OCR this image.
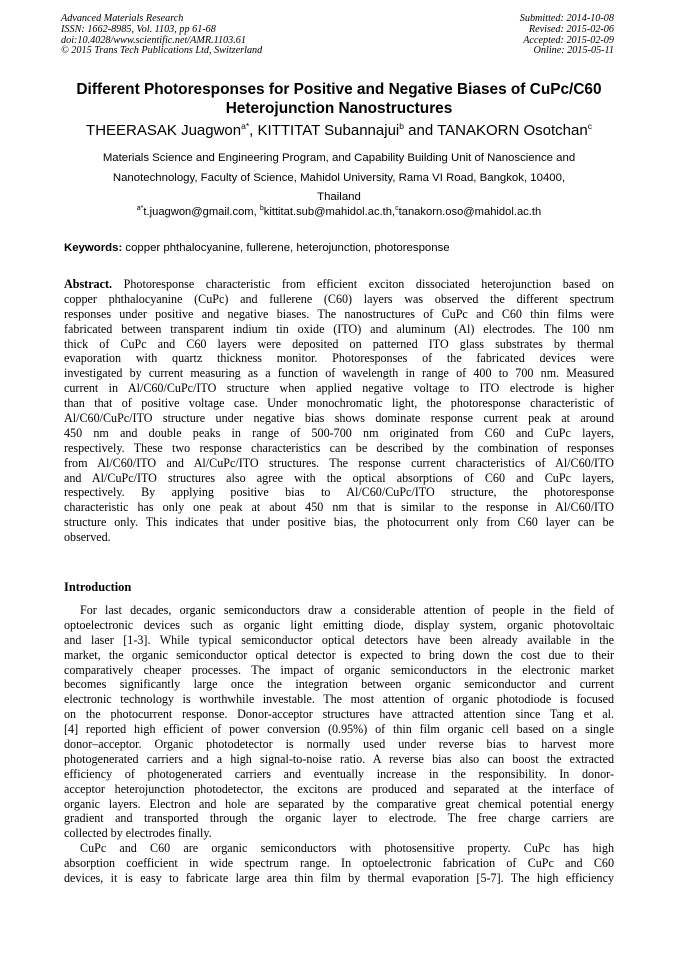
Advanced Materials Research
ISSN: 1662-8985, Vol. 1103, pp 61-68
doi:10.4028/www.scientific.net/AMR.1103.61
© 2015 Trans Tech Publications Ltd, Switzerland
Submitted: 2014-10-08
Revised: 2015-02-06
Accepted: 2015-02-09
Online: 2015-05-11
Different Photoresponses for Positive and Negative Biases of CuPc/C60
Heterojunction Nanostructures
THEERASAK Juagwon$^{a*}$, KITTITAT Subannajui$^b$ and TANAKORN Osotchan$^c$
Materials Science and Engineering Program, and Capability Building Unit of Nanoscience and
Nanotechnology, Faculty of Science, Mahidol University, Rama VI Road, Bangkok, 10400,
Thailand
$^{a*}$t.juagwon@gmail.com, $^b$kittitat.sub@mahidol.ac.th,$^c$tanakorn.oso@mahidol.ac.th
Keywords: copper phthalocyanine, fullerene, heterojunction, photoresponse
Abstract. Photoresponse characteristic from efficient exciton dissociated heterojunction based on
copper phthalocyanine (CuPc) and fullerene (C60) layers was observed the different spectrum
responses under positive and negative biases. The nanostructures of CuPc and C60 thin films were
fabricated between transparent indium tin oxide (ITO) and aluminum (Al) electrodes. The 100 nm
thick of CuPc and C60 layers were deposited on patterned ITO glass substrates by thermal
evaporation with quartz thickness monitor. Photoresponses of the fabricated devices were
investigated by current measuring as a function of wavelength in range of 400 to 700 nm. Measured
current in Al/C60/CuPc/ITO structure when applied negative voltage to ITO electrode is higher
than that of positive voltage case. Under monochromatic light, the photoresponse characteristic of
Al/C60/CuPc/ITO structure under negative bias shows dominate response current peak at around
450 nm and double peaks in range of 500-700 nm originated from C60 and CuPc layers,
respectively. These two response characteristics can be described by the combination of responses
from Al/C60/ITO and Al/CuPc/ITO structures. The response current characteristics of Al/C60/ITO
and Al/CuPc/ITO structures also agree with the optical absorptions of C60 and CuPc layers,
respectively. By applying positive bias to Al/C60/CuPc/ITO structure, the photoresponse
characteristic has only one peak at about 450 nm that is similar to the response in Al/C60/ITO
structure only. This indicates that under positive bias, the photocurrent only from C60 layer can be
observed.
Introduction
For last decades, organic semiconductors draw a considerable attention of people in the field of
optoelectronic devices such as organic light emitting diode, display system, organic photovoltaic
and laser [1-3]. While typical semiconductor optical detectors have been already available in the
market, the organic semiconductor optical detector is expected to bring down the cost due to their
comparatively cheaper processes. The impact of organic semiconductors in the electronic market
becomes significantly large once the integration between organic semiconductor and current
electronic technology is worthwhile investable. The most attention of organic photodiode is focused
on the photocurrent response. Donor-acceptor structures have attracted attention since Tang et al.
[4] reported high efficient of power conversion (0.95%) of thin film organic cell based on a single
donor–acceptor. Organic photodetector is normally used under reverse bias to harvest more
photogenerated carriers and a high signal-to-noise ratio. A reverse bias also can boost the extracted
efficiency of photogenerated carriers and eventually increase in the responsibility. In donor-
acceptor heterojunction photodetector, the excitons are produced and separated at the interface of
organic layers. Electron and hole are separated by the comparative great chemical potential energy
gradient and transported through the organic layer to electrode. The free charge carriers are
collected by electrodes finally.
CuPc and C60 are organic semiconductors with photosensitive property. CuPc has high
absorption coefficient in wide spectrum range. In optoelectronic fabrication of CuPc and C60
devices, it is easy to fabricate large area thin film by thermal evaporation [5-7]. The high efficiency
